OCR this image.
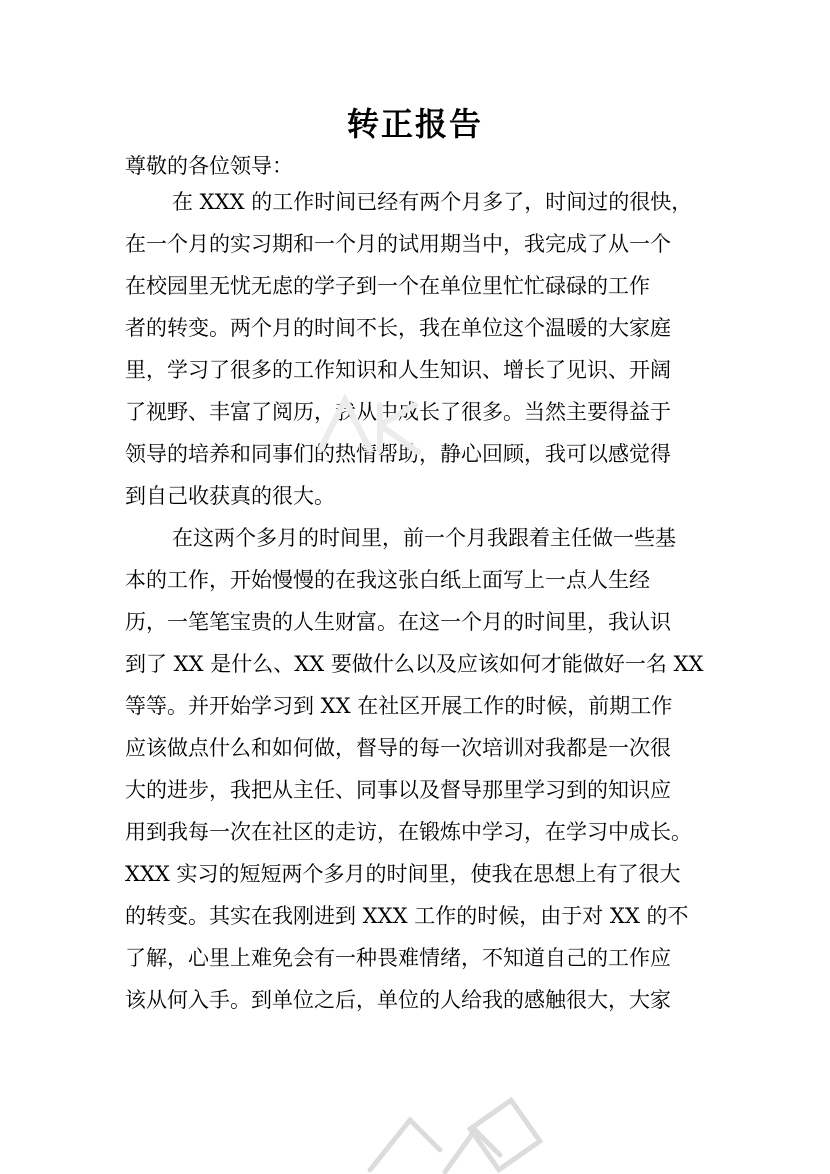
转正报告
尊敬的各位领导：
在 XXX 的工作时间已经有两个月多了，时间过的很快，
在一个月的实习期和一个月的试用期当中，我完成了从一个
在校园里无忧无虑的学子到一个在单位里忙忙碌碌的工作
者的转变。两个月的时间不长，我在单位这个温暖的大家庭
里，学习了很多的工作知识和人生知识、增长了见识、开阔
了视野、丰富了阅历，我从中成长了很多。当然主要得益于
领导的培养和同事们的热情帮助，静心回顾，我可以感觉得
到自己收获真的很大。
在这两个多月的时间里，前一个月我跟着主任做一些基
本的工作，开始慢慢的在我这张白纸上面写上一点人生经
历，一笔笔宝贵的人生财富。在这一个月的时间里，我认识
到了 XX 是什么、XX 要做什么以及应该如何才能做好一名 XX
等等。并开始学习到 XX 在社区开展工作的时候，前期工作
应该做点什么和如何做，督导的每一次培训对我都是一次很
大的进步，我把从主任、同事以及督导那里学习到的知识应
用到我每一次在社区的走访，在锻炼中学习，在学习中成长。
XXX 实习的短短两个多月的时间里，使我在思想上有了很大
的转变。其实在我刚进到 XXX 工作的时候，由于对 XX 的不
了解，心里上难免会有一种畏难情绪，不知道自己的工作应
该从何入手。到单位之后，单位的人给我的感触很大，大家
